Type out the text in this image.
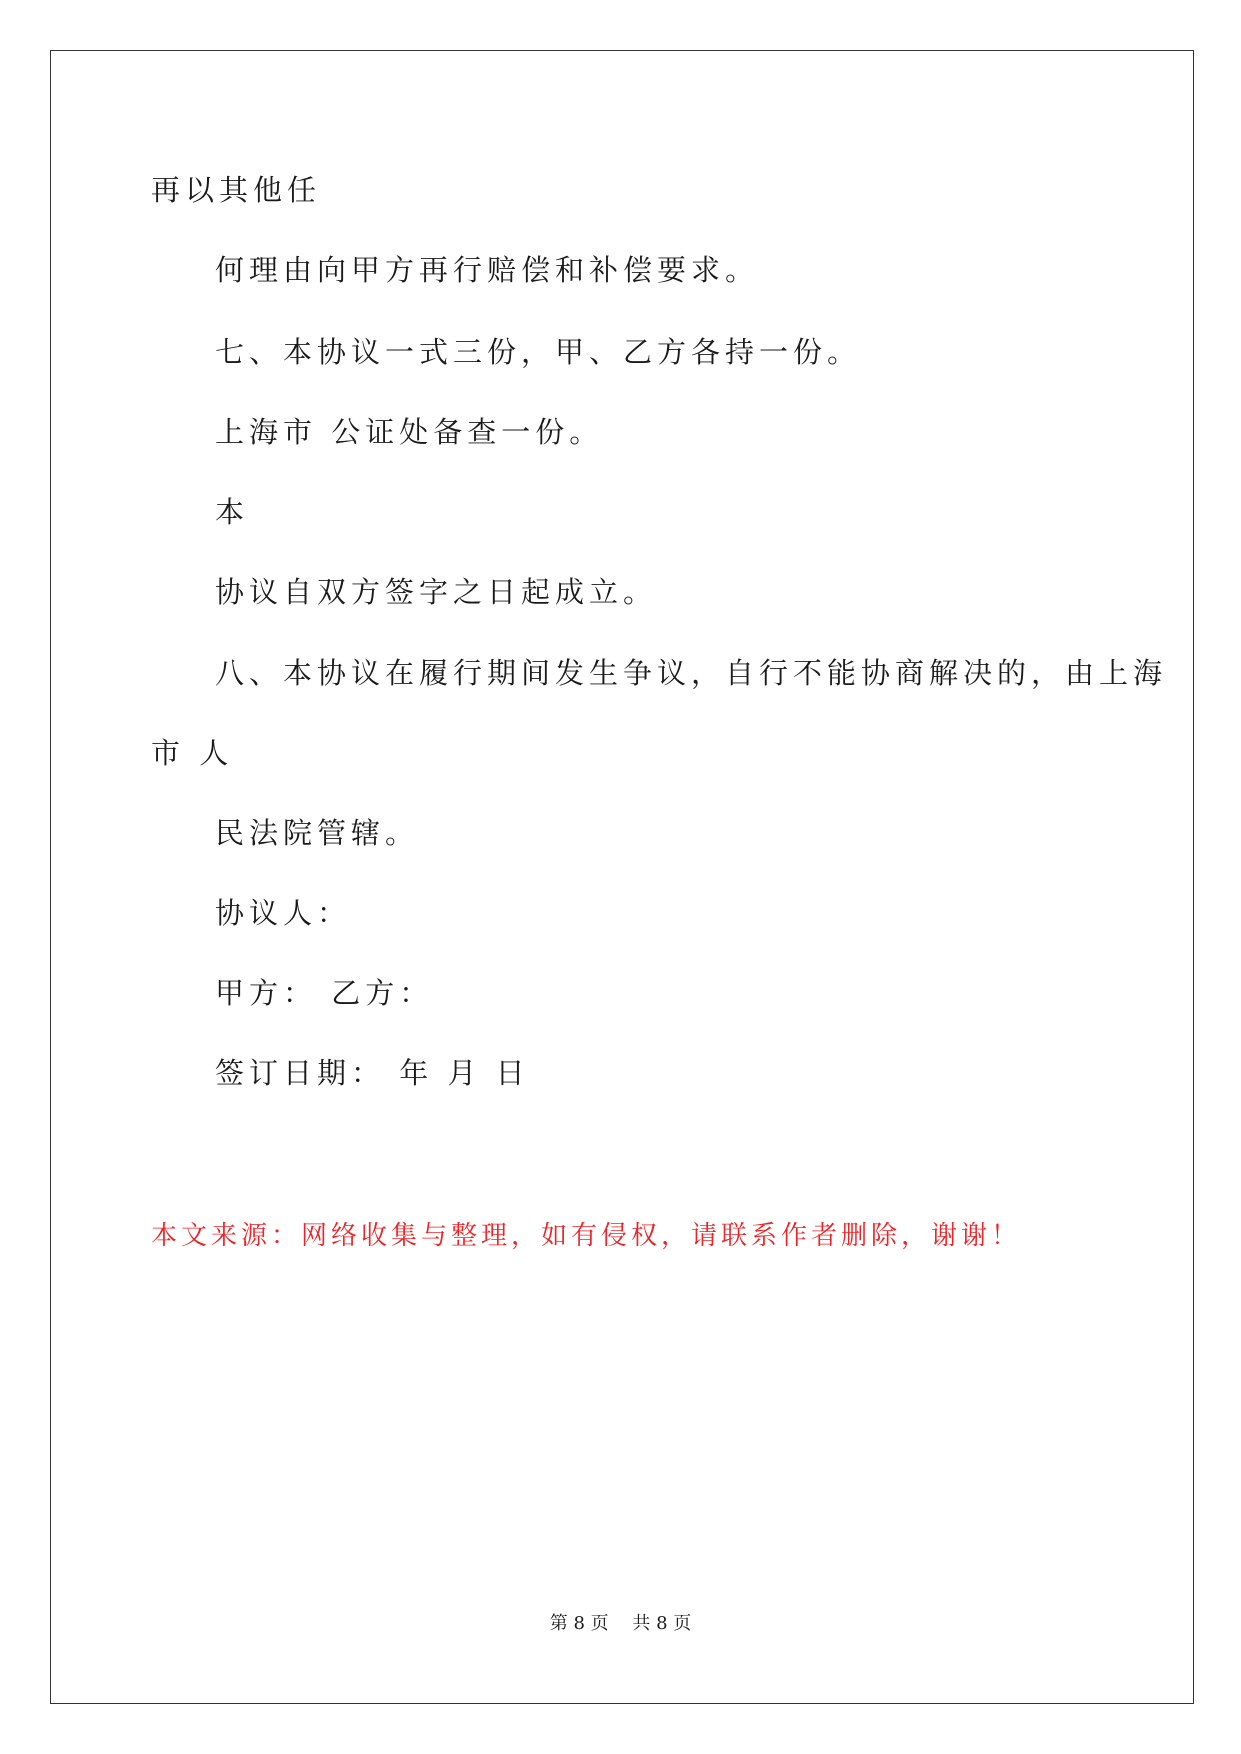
再以其他任
何理由向甲方再行赔偿和补偿要求。
七、本协议一式三份，甲、乙方各持一份。
上海市 公证处备查一份。
本
协议自双方签字之日起成立。
八、本协议在履行期间发生争议，自行不能协商解决的，由上海
市 人
民法院管辖。
协议人：
甲方： 乙方：
签订日期： 年 月 日
本文来源：网络收集与整理，如有侵权，请联系作者删除，谢谢！
第 8 页 共 8 页
